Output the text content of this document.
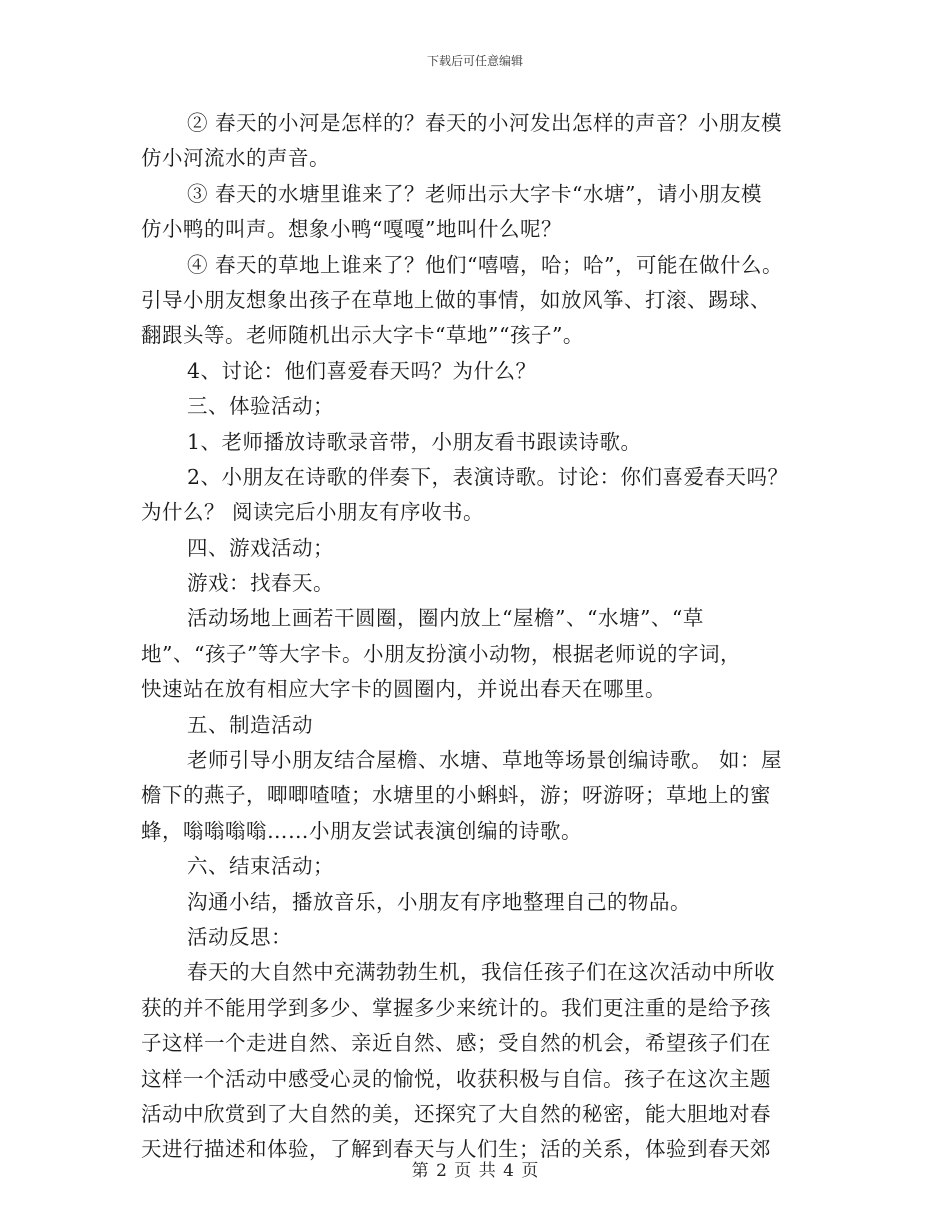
下载后可任意编辑
② 春天的小河是怎样的？春天的小河发出怎样的声音？小朋友模
仿小河流水的声音。
③ 春天的水塘里谁来了？老师出示大字卡“水塘”，请小朋友模
仿小鸭的叫声。想象小鸭“嘎嘎”地叫什么呢？
④ 春天的草地上谁来了？他们“嘻嘻，哈；哈”，可能在做什么。
引导小朋友想象出孩子在草地上做的事情，如放风筝、打滚、踢球、
翻跟头等。老师随机出示大字卡“草地”“孩子”。
4、讨论：他们喜爱春天吗？为什么？
三、体验活动；
1、老师播放诗歌录音带，小朋友看书跟读诗歌。
2、小朋友在诗歌的伴奏下，表演诗歌。讨论：你们喜爱春天吗？
为什么？ 阅读完后小朋友有序收书。
四、游戏活动；
游戏：找春天。
活动场地上画若干圆圈，圈内放上“屋檐”、“水塘”、“草
地”、“孩子”等大字卡。小朋友扮演小动物，根据老师说的字词，
快速站在放有相应大字卡的圆圈内，并说出春天在哪里。
五、制造活动
老师引导小朋友结合屋檐、水塘、草地等场景创编诗歌。 如：屋
檐下的燕子，唧唧喳喳；水塘里的小蝌蚪，游；呀游呀；草地上的蜜
蜂，嗡嗡嗡嗡……小朋友尝试表演创编的诗歌。
六、结束活动；
沟通小结，播放音乐，小朋友有序地整理自己的物品。
活动反思：
春天的大自然中充满勃勃生机，我信任孩子们在这次活动中所收
获的并不能用学到多少、掌握多少来统计的。我们更注重的是给予孩
子这样一个走进自然、亲近自然、感；受自然的机会，希望孩子们在
这样一个活动中感受心灵的愉悦，收获积极与自信。孩子在这次主题
活动中欣赏到了大自然的美，还探究了大自然的秘密，能大胆地对春
天进行描述和体验，了解到春天与人们生；活的关系，体验到春天郊
第 2 页 共 4 页
